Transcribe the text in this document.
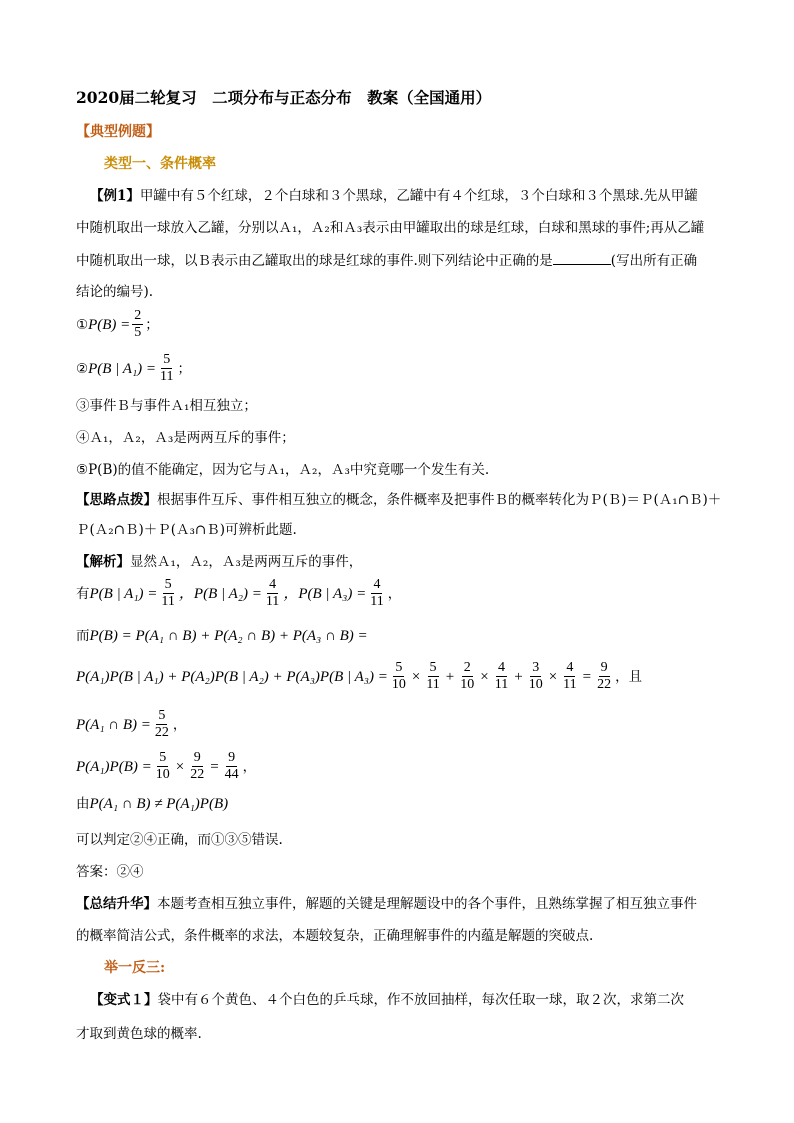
2020届二轮复习　二项分布与正态分布　教案（全国通用）
【典型例题】
类型一、条件概率
【例1】甲罐中有５个红球，２个白球和３个黑球，乙罐中有４个红球，３个白球和３个黑球.先从甲罐
中随机取出一球放入乙罐，分别以Ａ₁，Ａ₂和Ａ₃表示由甲罐取出的球是红球，白球和黑球的事件;再从乙罐
中随机取出一球，以Ｂ表示由乙罐取出的球是红球的事件.则下列结论中正确的是	(写出所有正确
结论的编号).
① $P(B) = \frac{2}{5}$ ；
② P(B | $A_1) = \frac{5}{11}$ ；
③事件Ｂ与事件Ａ₁相互独立；
④Ａ₁，Ａ₂，Ａ₃是两两互斥的事件；
⑤P(B)的值不能确定，因为它与Ａ₁，Ａ₂，Ａ₃中究竟哪一个发生有关.
【思路点拨】根据事件互斥、事件相互独立的概念，条件概率及把事件Ｂ的概率转化为Ｐ(Ｂ)＝Ｐ(Ａ₁∩Ｂ)＋
Ｐ(Ａ₂∩Ｂ)＋Ｐ(Ａ₃∩Ｂ)可辨析此题.
【解析】显然Ａ₁，Ａ₂，Ａ₃是两两互斥的事件，
有 P(B | $A_1) = \frac{5}{11}$ ，P(B | $A_2) = \frac{4}{11}$ ，P(B | $A_3) = \frac{4}{11}$ ，
而P(B) = P(A₁ ∩ B) + P(A₂ ∩ B) + P(A₃ ∩ B) =
P(A₁)P(B | A₁) + P(A₂)P(B | A₂) + P(A₃)P(B | $A_3) = \frac{5}{10} \times \frac{5}{11} + \frac{2}{10} \times \frac{4}{11} + \frac{3}{10} \times \frac{4}{11} = \frac{9}{22}$ ，且
P(A₁ ∩ $B) = \frac{5}{22}$ ，
$P(A_1)P(B) = \frac{5}{10} \times \frac{9}{22} = \frac{9}{44}$ ，
由P(A₁ ∩ B) ≠ P(A₁)P(B)
可以判定②④正确，而①③⑤错误.
答案：②④
【总结升华】本题考查相互独立事件，解题的关键是理解题设中的各个事件，且熟练掌握了相互独立事件
的概率简洁公式，条件概率的求法，本题较复杂，正确理解事件的内蕴是解题的突破点.
举一反三:
【变式１】袋中有６个黄色、４个白色的乒乓球，作不放回抽样，每次任取一球，取２次，求第二次
才取到黄色球的概率.
